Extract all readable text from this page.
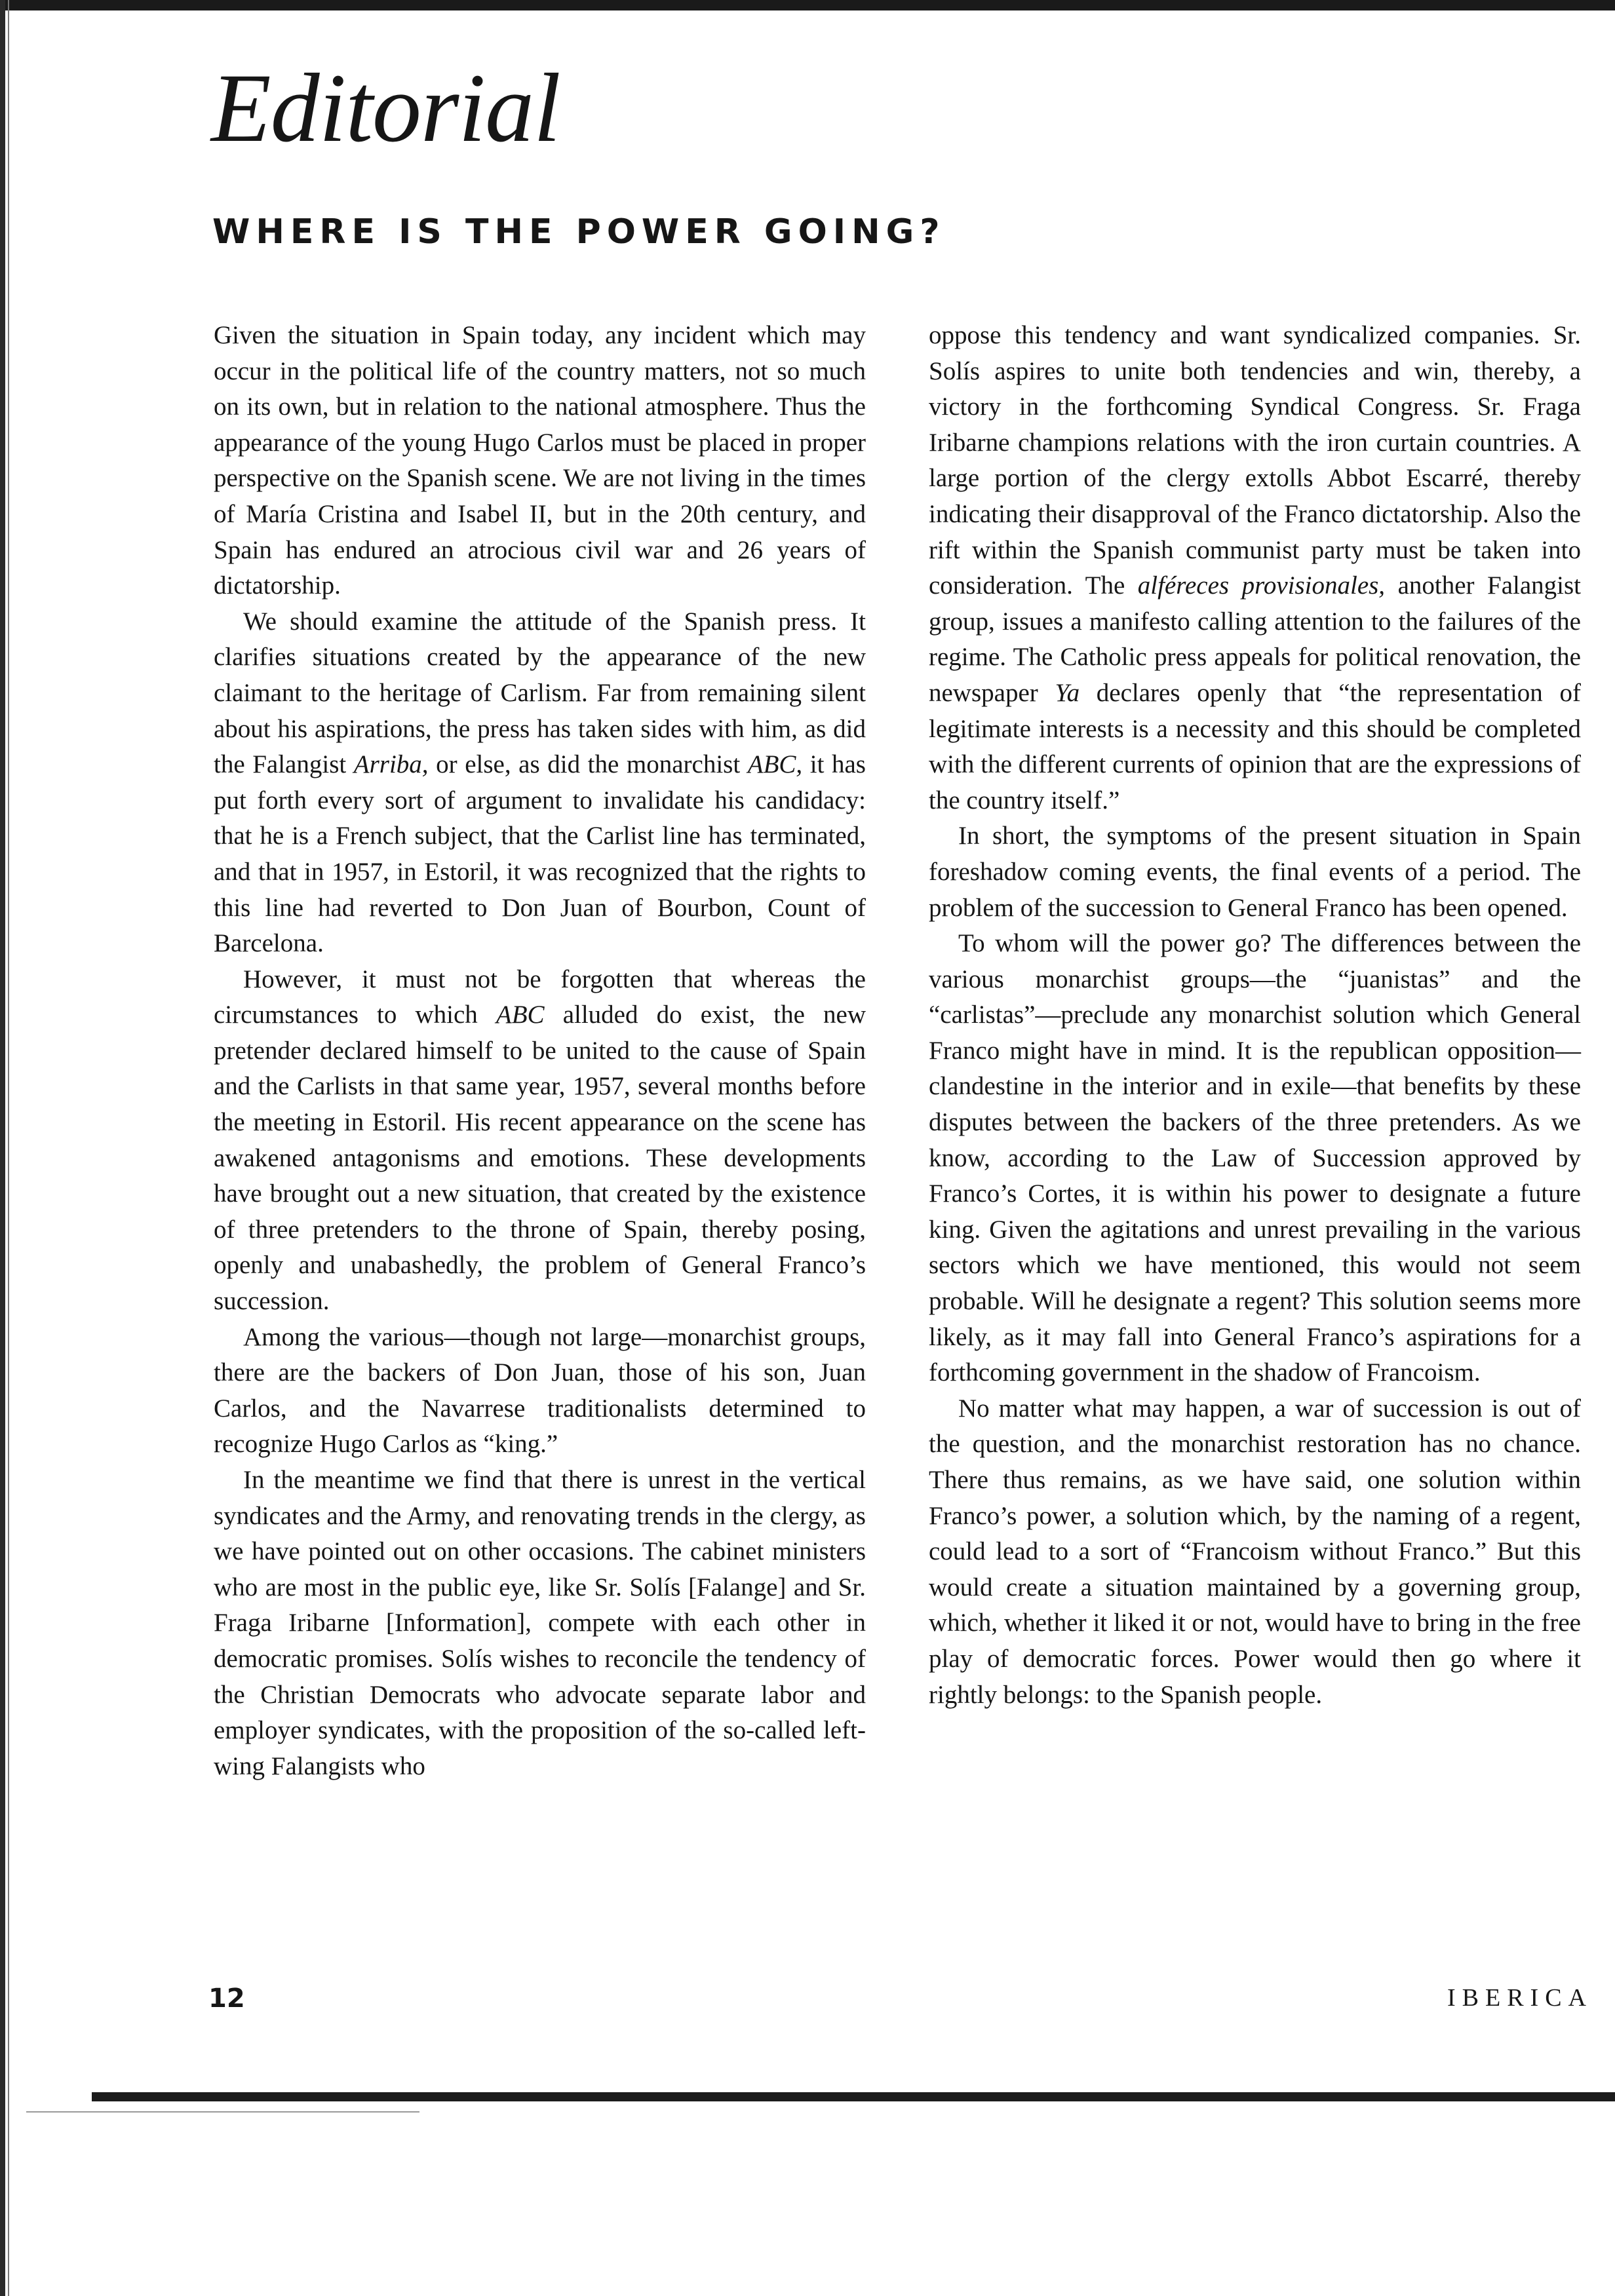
Editorial
WHERE IS THE POWER GOING?

Given the situation in Spain today, any incident which may occur in the political life of the country matters, not so much on its own, but in relation to the national atmosphere. Thus the appearance of the young Hugo Carlos must be placed in proper perspective on the Spanish scene. We are not living in the times of María Cristina and Isabel II, but in the 20th century, and Spain has endured an atrocious civil war and 26 years of dictatorship.

We should examine the attitude of the Spanish press. It clarifies situations created by the appearance of the new claimant to the heritage of Carlism. Far from remaining silent about his aspirations, the press has taken sides with him, as did the Falangist Arriba, or else, as did the monarchist ABC, it has put forth every sort of argument to invalidate his candidacy: that he is a French subject, that the Carlist line has terminated, and that in 1957, in Estoril, it was recognized that the rights to this line had reverted to Don Juan of Bourbon, Count of Barcelona.

However, it must not be forgotten that whereas the circumstances to which ABC alluded do exist, the new pretender declared himself to be united to the cause of Spain and the Carlists in that same year, 1957, several months before the meeting in Estoril. His recent appearance on the scene has awakened antagonisms and emotions. These developments have brought out a new situation, that created by the existence of three pretenders to the throne of Spain, thereby posing, openly and unabashedly, the problem of General Franco’s succession.

Among the various—though not large—monarchist groups, there are the backers of Don Juan, those of his son, Juan Carlos, and the Navarrese traditionalists determined to recognize Hugo Carlos as “king.”

In the meantime we find that there is unrest in the vertical syndicates and the Army, and renovating trends in the clergy, as we have pointed out on other occasions. The cabinet ministers who are most in the public eye, like Sr. Solís [Falange] and Sr. Fraga Iribarne [Information], compete with each other in democratic promises. Solís wishes to reconcile the tendency of the Christian Democrats who advocate separate labor and employer syndicates, with the proposition of the so-called left-wing Falangists who

oppose this tendency and want syndicalized companies. Sr. Solís aspires to unite both tendencies and win, thereby, a victory in the forthcoming Syndical Congress. Sr. Fraga Iribarne champions relations with the iron curtain countries. A large portion of the clergy extolls Abbot Escarré, thereby indicating their disapproval of the Franco dictatorship. Also the rift within the Spanish communist party must be taken into consideration. The alféreces provisionales, another Falangist group, issues a manifesto calling attention to the failures of the regime. The Catholic press appeals for political renovation, the newspaper Ya declares openly that “the representation of legitimate interests is a necessity and this should be completed with the different currents of opinion that are the expressions of the country itself.”

In short, the symptoms of the present situation in Spain foreshadow coming events, the final events of a period. The problem of the succession to General Franco has been opened.

To whom will the power go? The differences between the various monarchist groups—the “juanistas” and the “carlistas”—preclude any monarchist solution which General Franco might have in mind. It is the republican opposition—clandestine in the interior and in exile—that benefits by these disputes between the backers of the three pretenders. As we know, according to the Law of Succession approved by Franco’s Cortes, it is within his power to designate a future king. Given the agitations and unrest prevailing in the various sectors which we have mentioned, this would not seem probable. Will he designate a regent? This solution seems more likely, as it may fall into General Franco’s aspirations for a forthcoming government in the shadow of Francoism.

No matter what may happen, a war of succession is out of the question, and the monarchist restoration has no chance. There thus remains, as we have said, one solution within Franco’s power, a solution which, by the naming of a regent, could lead to a sort of “Francoism without Franco.” But this would create a situation maintained by a governing group, which, whether it liked it or not, would have to bring in the free play of democratic forces. Power would then go where it rightly belongs: to the Spanish people.

12	IBERICA
